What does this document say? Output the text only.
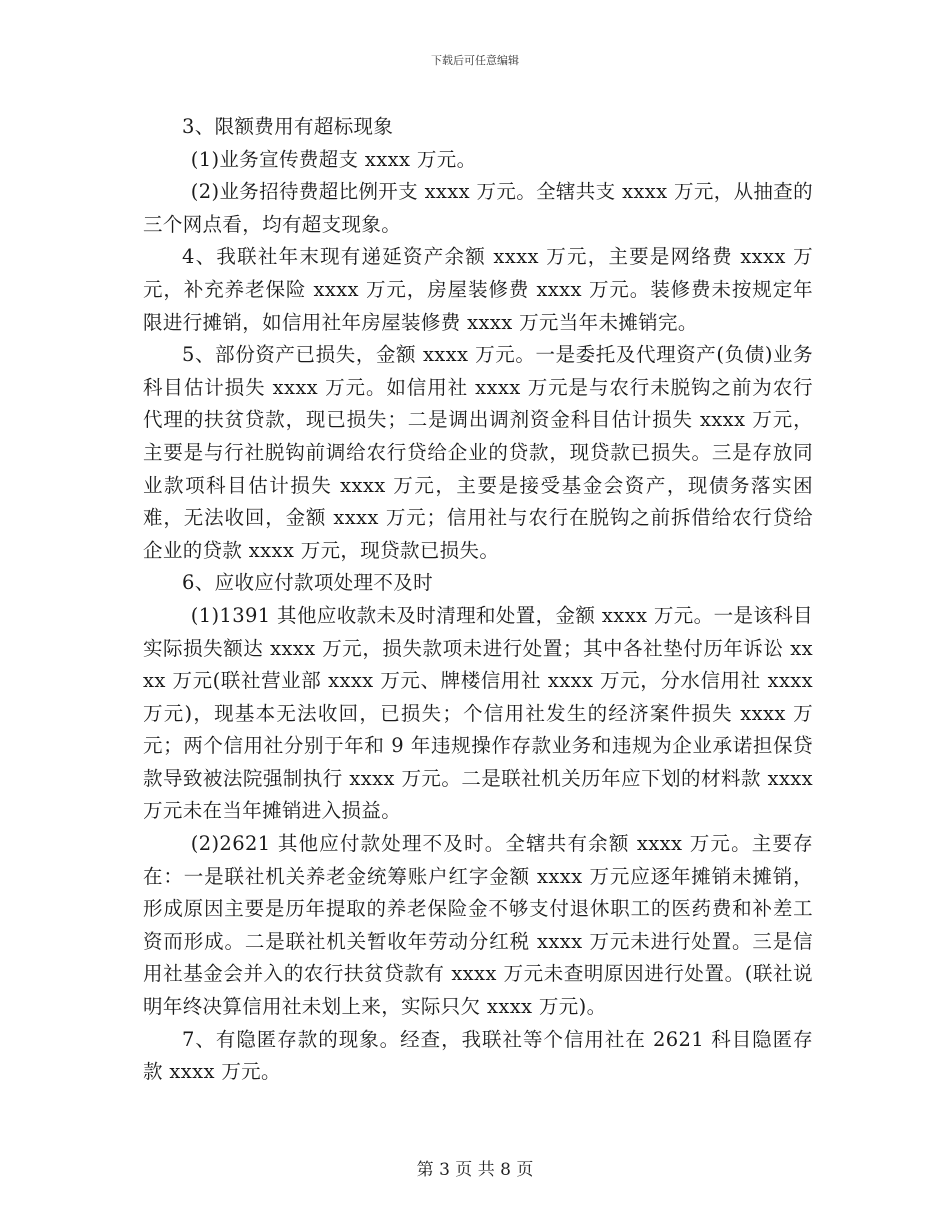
下载后可任意编辑

3、限额费用有超标现象

(1)业务宣传费超支 xxxx 万元。

(2)业务招待费超比例开支 xxxx 万元。全辖共支 xxxx 万元，从抽查的三个网点看，均有超支现象。

4、我联社年末现有递延资产余额 xxxx 万元，主要是网络费 xxxx 万元，补充养老保险 xxxx 万元，房屋装修费 xxxx 万元。装修费未按规定年限进行摊销，如信用社年房屋装修费 xxxx 万元当年未摊销完。

5、部份资产已损失，金额 xxxx 万元。一是委托及代理资产(负债)业务科目估计损失 xxxx 万元。如信用社 xxxx 万元是与农行未脱钩之前为农行代理的扶贫贷款，现已损失；二是调出调剂资金科目估计损失 xxxx 万元，主要是与行社脱钩前调给农行贷给企业的贷款，现贷款已损失。三是存放同业款项科目估计损失 xxxx 万元，主要是接受基金会资产，现债务落实困难，无法收回，金额 xxxx 万元；信用社与农行在脱钩之前拆借给农行贷给企业的贷款 xxxx 万元，现贷款已损失。

6、应收应付款项处理不及时

(1)1391 其他应收款未及时清理和处置，金额 xxxx 万元。一是该科目实际损失额达 xxxx 万元，损失款项未进行处置；其中各社垫付历年诉讼 xxxx 万元(联社营业部 xxxx 万元、牌楼信用社 xxxx 万元，分水信用社 xxxx 万元)，现基本无法收回，已损失；个信用社发生的经济案件损失 xxxx 万元；两个信用社分别于年和 9 年违规操作存款业务和违规为企业承诺担保贷款导致被法院强制执行 xxxx 万元。二是联社机关历年应下划的材料款 xxxx 万元未在当年摊销进入损益。

(2)2621 其他应付款处理不及时。全辖共有余额 xxxx 万元。主要存在：一是联社机关养老金统筹账户红字金额 xxxx 万元应逐年摊销未摊销，形成原因主要是历年提取的养老保险金不够支付退休职工的医药费和补差工资而形成。二是联社机关暂收年劳动分红税 xxxx 万元未进行处置。三是信用社基金会并入的农行扶贫贷款有 xxxx 万元未查明原因进行处置。(联社说明年终决算信用社未划上来，实际只欠 xxxx 万元)。

7、有隐匿存款的现象。经查，我联社等个信用社在 2621 科目隐匿存款 xxxx 万元。

第 3 页 共 8 页
